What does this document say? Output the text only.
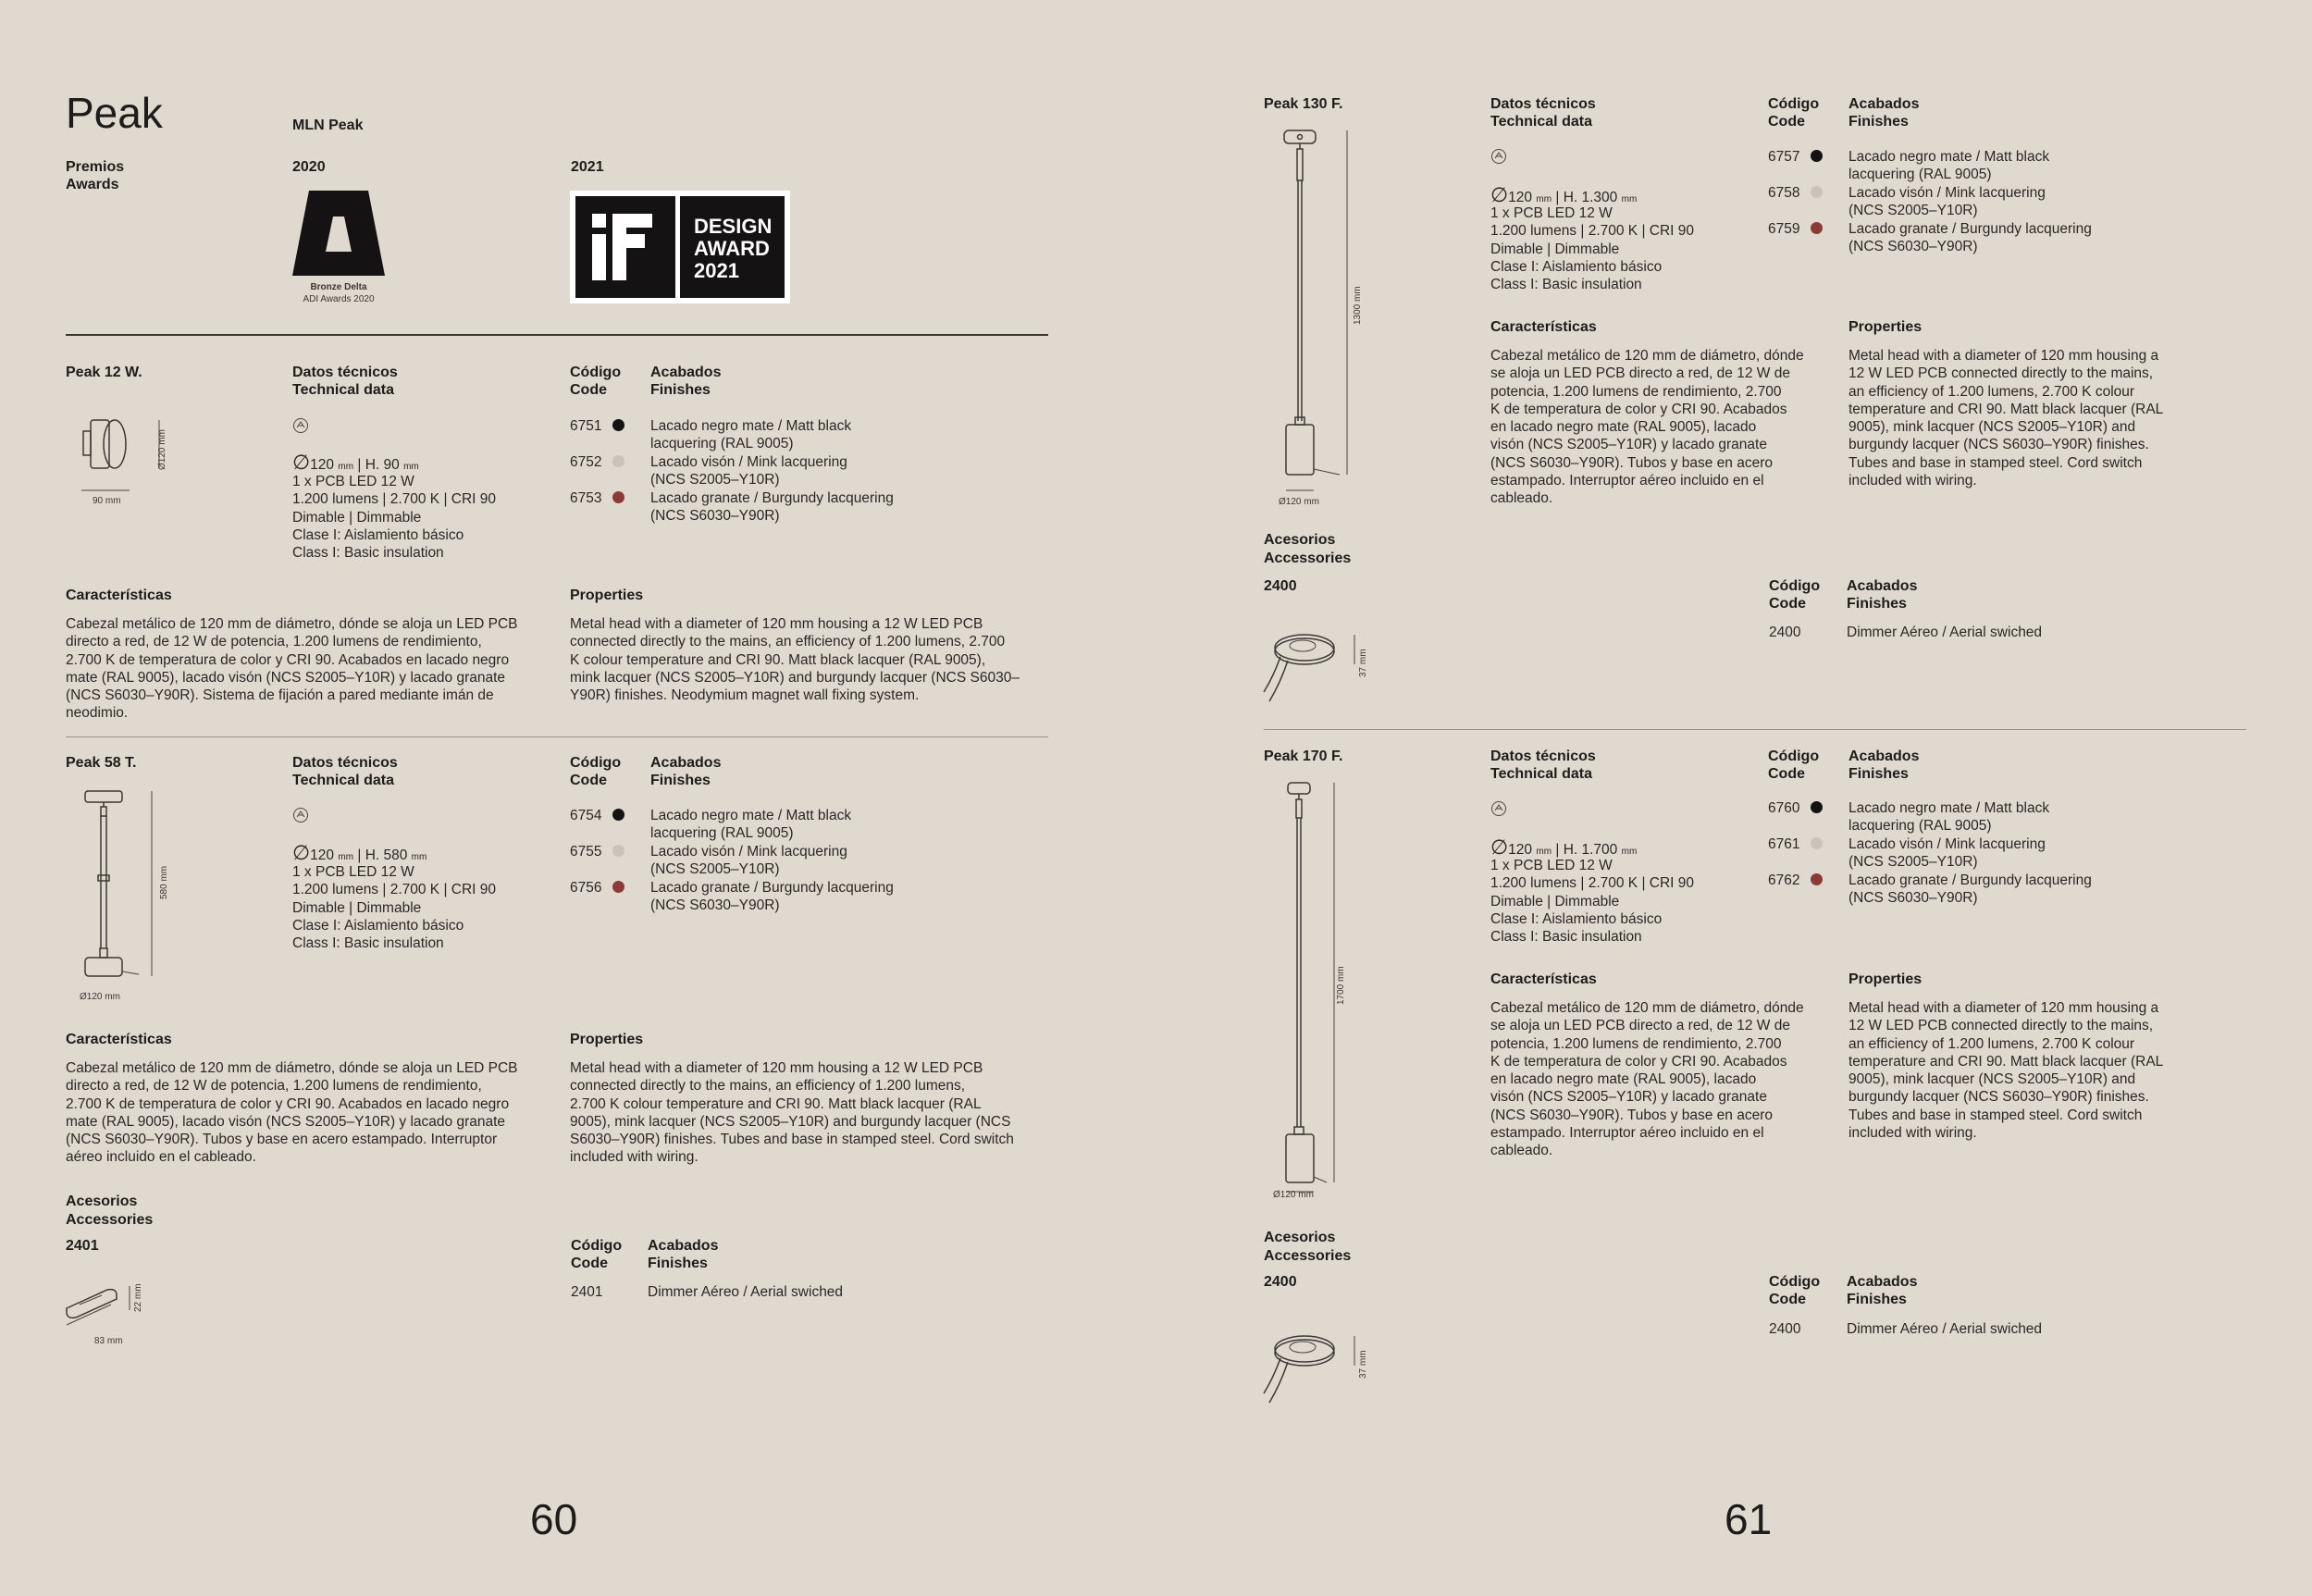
Peak	MLN Peak
Premios
Awards
2020	2021
Bronze Delta
ADI Awards 2020
DESIGN
AWARD
2021
Peak 12 W.
Ø120 mm
90 mm
Datos técnicos
Technical data
∅120 mm | H. 90 mm
1 x PCB LED 12 W
1.200 lumens | 2.700 K | CRI 90
Dimable | Dimmable
Clase I: Aislamiento básico
Class I: Basic insulation
Código
Code
Acabados
Finishes
6751	Lacado negro mate / Matt black
lacquering (RAL 9005)
6752	Lacado visón / Mink lacquering
(NCS S2005–Y10R)
6753	Lacado granate / Burgundy lacquering
(NCS S6030–Y90R)
Características	Properties
Cabezal metálico de 120 mm de diámetro, dónde se aloja un LED PCB
directo a red, de 12 W de potencia, 1.200 lumens de rendimiento,
2.700 K de temperatura de color y CRI 90. Acabados en lacado negro
mate (RAL 9005), lacado visón (NCS S2005–Y10R) y lacado granate
(NCS S6030–Y90R). Sistema de fijación a pared mediante imán de
neodimio.
Metal head with a diameter of 120 mm housing a 12 W LED PCB
connected directly to the mains, an efficiency of 1.200 lumens, 2.700
K colour temperature and CRI 90. Matt black lacquer (RAL 9005),
mink lacquer (NCS S2005–Y10R) and burgundy lacquer (NCS S6030–
Y90R) finishes. Neodymium magnet wall fixing system.
Peak 58 T.
580 mm
Ø120 mm
Datos técnicos
Technical data
∅120 mm | H. 580 mm
1 x PCB LED 12 W
1.200 lumens | 2.700 K | CRI 90
Dimable | Dimmable
Clase I: Aislamiento básico
Class I: Basic insulation
Código
Code
Acabados
Finishes
6754	Lacado negro mate / Matt black
lacquering (RAL 9005)
6755	Lacado visón / Mink lacquering
(NCS S2005–Y10R)
6756	Lacado granate / Burgundy lacquering
(NCS S6030–Y90R)
Características	Properties
Cabezal metálico de 120 mm de diámetro, dónde se aloja un LED PCB
directo a red, de 12 W de potencia, 1.200 lumens de rendimiento,
2.700 K de temperatura de color y CRI 90. Acabados en lacado negro
mate (RAL 9005), lacado visón (NCS S2005–Y10R) y lacado granate
(NCS S6030–Y90R). Tubos y base en acero estampado. Interruptor
aéreo incluido en el cableado.
Metal head with a diameter of 120 mm housing a 12 W LED PCB
connected directly to the mains, an efficiency of 1.200 lumens,
2.700 K colour temperature and CRI 90. Matt black lacquer (RAL
9005), mink lacquer (NCS S2005–Y10R) and burgundy lacquer (NCS
S6030–Y90R) finishes. Tubes and base in stamped steel. Cord switch
included with wiring.
Acesorios
Accessories
2401
22 mm
83 mm
Código
Code
Acabados
Finishes
2401	Dimmer Aéreo / Aerial swiched
60
Peak 130 F.
1300 mm
Ø120 mm
Datos técnicos
Technical data
∅120 mm | H. 1.300 mm
1 x PCB LED 12 W
1.200 lumens | 2.700 K | CRI 90
Dimable | Dimmable
Clase I: Aislamiento básico
Class I: Basic insulation
Código
Code
Acabados
Finishes
6757	Lacado negro mate / Matt black
lacquering (RAL 9005)
6758	Lacado visón / Mink lacquering
(NCS S2005–Y10R)
6759	Lacado granate / Burgundy lacquering
(NCS S6030–Y90R)
Características	Properties
Cabezal metálico de 120 mm de diámetro, dónde
se aloja un LED PCB directo a red, de 12 W de
potencia, 1.200 lumens de rendimiento, 2.700
K de temperatura de color y CRI 90. Acabados
en lacado negro mate (RAL 9005), lacado
visón (NCS S2005–Y10R) y lacado granate
(NCS S6030–Y90R). Tubos y base en acero
estampado. Interruptor aéreo incluido en el
cableado.
Metal head with a diameter of 120 mm housing a
12 W LED PCB connected directly to the mains,
an efficiency of 1.200 lumens, 2.700 K colour
temperature and CRI 90. Matt black lacquer (RAL
9005), mink lacquer (NCS S2005–Y10R) and
burgundy lacquer (NCS S6030–Y90R) finishes.
Tubes and base in stamped steel. Cord switch
included with wiring.
Acesorios
Accessories
2400
37 mm
Código
Code
Acabados
Finishes
2400	Dimmer Aéreo / Aerial swiched
Peak 170 F.
1700 mm
Ø120 mm
Datos técnicos
Technical data
∅120 mm | H. 1.700 mm
1 x PCB LED 12 W
1.200 lumens | 2.700 K | CRI 90
Dimable | Dimmable
Clase I: Aislamiento básico
Class I: Basic insulation
Código
Code
Acabados
Finishes
6760	Lacado negro mate / Matt black
lacquering (RAL 9005)
6761	Lacado visón / Mink lacquering
(NCS S2005–Y10R)
6762	Lacado granate / Burgundy lacquering
(NCS S6030–Y90R)
Características	Properties
Cabezal metálico de 120 mm de diámetro, dónde
se aloja un LED PCB directo a red, de 12 W de
potencia, 1.200 lumens de rendimiento, 2.700
K de temperatura de color y CRI 90. Acabados
en lacado negro mate (RAL 9005), lacado
visón (NCS S2005–Y10R) y lacado granate
(NCS S6030–Y90R). Tubos y base en acero
estampado. Interruptor aéreo incluido en el
cableado.
Metal head with a diameter of 120 mm housing a
12 W LED PCB connected directly to the mains,
an efficiency of 1.200 lumens, 2.700 K colour
temperature and CRI 90. Matt black lacquer (RAL
9005), mink lacquer (NCS S2005–Y10R) and
burgundy lacquer (NCS S6030–Y90R) finishes.
Tubes and base in stamped steel. Cord switch
included with wiring.
Acesorios
Accessories
2400
37 mm
Código
Code
Acabados
Finishes
2400	Dimmer Aéreo / Aerial swiched
61
